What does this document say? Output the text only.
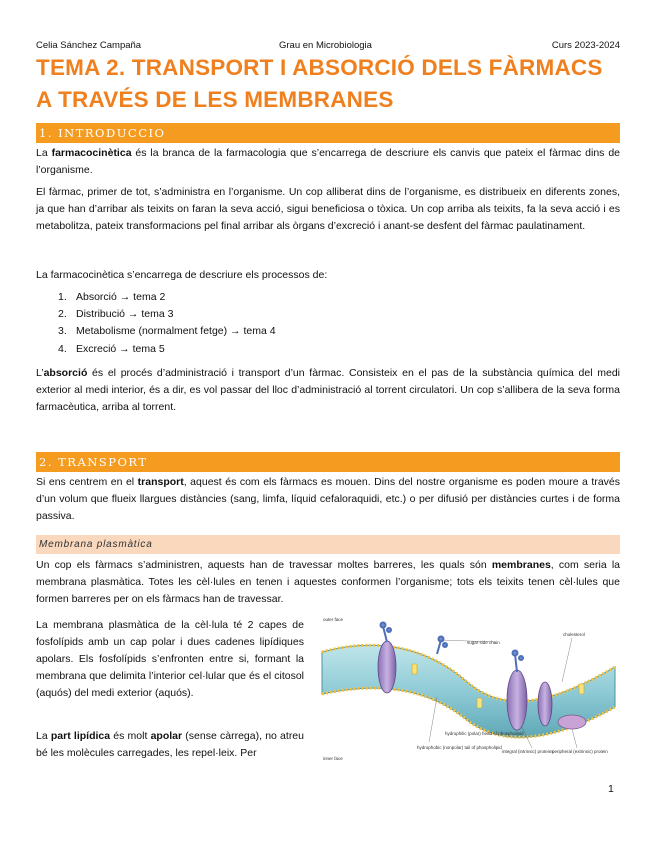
Celia Sánchez Campaña	Grau en Microbiologia	Curs 2023-2024
TEMA 2. TRANSPORT I ABSORCIÓ DELS FÀRMACS
A TRAVÉS DE LES MEMBRANES
1. INTRODUCCIO
La farmacocinètica és la branca de la farmacologia que s’encarrega de descriure els canvis que pateix el fàrmac dins de l’organisme.
El fàrmac, primer de tot, s’administra en l’organisme. Un cop alliberat dins de l’organisme, es distribueix en diferents zones, ja que han d’arribar als teixits on faran la seva acció, sigui beneficiosa o tòxica. Un cop arriba als teixits, fa la seva acció i es metabolitza, pateix transformacions pel final arribar als òrgans d’excreció i anant-se desfent del fàrmac paulatinament.
La farmacocinètica s’encarrega de descriure els processos de:
1. Absorció → tema 2
2. Distribució → tema 3
3. Metabolisme (normalment fetge) → tema 4
4. Excreció → tema 5
L’absorció és el procés d’administració i transport d’un fàrmac. Consisteix en el pas de la substància química del medi exterior al medi interior, és a dir, es vol passar del lloc d’administració al torrent circulatori. Un cop s’allibera de la seva forma farmacèutica, arriba al torrent.
2. TRANSPORT
Si ens centrem en el transport, aquest és com els fàrmacs es mouen. Dins del nostre organisme es poden moure a través d’un volum que flueix llargues distàncies (sang, limfa, líquid cefaloraquidi, etc.) o per difusió per distàncies curtes i de forma passiva.
Membrana plasmàtica
Un cop els fàrmacs s’administren, aquests han de travessar moltes barreres, les quals són membranes, com seria la membrana plasmàtica. Totes les cèl·lules en tenen i aquestes conformen l’organisme; tots els teixits tenen cèl·lules que formen barreres per on els fàrmacs han de travessar.
La membrana plasmàtica de la cèl·lula té 2 capes de fosfolípids amb un cap polar i dues cadenes lipídiques apolars. Els fosfolípids s’enfronten entre si, formant la membrana que delimita l’interior cel·lular que és el citosol (aquós) del medi exterior (aquós).
La part lipídica és molt apolar (sense càrrega), no atreu bé les molècules carregades, les repel·leix. Per
outer face
cholesterol
sugar side chain
hydrophilic (polar) head of phospholipid
hydrophobic (nonpolar) tail of phospholipid
integral (intrinsic) proteins
peripheral (extrinsic) protein
inner face
1
